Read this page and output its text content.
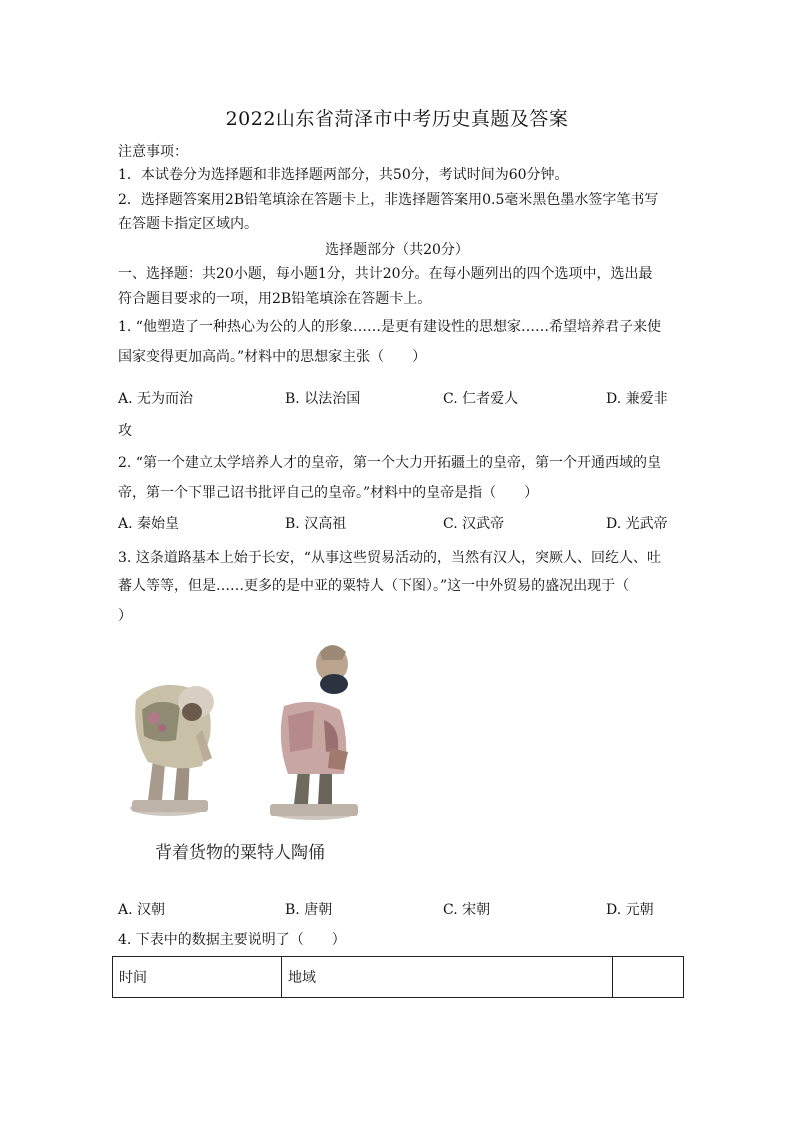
2022山东省菏泽市中考历史真题及答案
注意事项：
1．本试卷分为选择题和非选择题两部分，共50分，考试时间为60分钟。
2．选择题答案用2B铅笔填涂在答题卡上，非选择题答案用0.5毫米黑色墨水签字笔书写
在答题卡指定区域内。
选择题部分（共20分）
一、选择题：共20小题，每小题1分，共计20分。在每小题列出的四个选项中，选出最
符合题目要求的一项，用2B铅笔填涂在答题卡上。
1. “他塑造了一种热心为公的人的形象……是更有建设性的思想家……希望培养君子来使
国家变得更加高尚。”材料中的思想家主张（　　）
A. 无为而治	B. 以法治国	C. 仁者爱人	D. 兼爱非
攻
2. “第一个建立太学培养人才的皇帝，第一个大力开拓疆土的皇帝，第一个开通西域的皇
帝，第一个下罪己诏书批评自己的皇帝。”材料中的皇帝是指（　　）
A. 秦始皇	B. 汉高祖	C. 汉武帝	D. 光武帝
3. 这条道路基本上始于长安，“从事这些贸易活动的，当然有汉人，突厥人、回纥人、吐
蕃人等等，但是……更多的是中亚的粟特人（下图）。”这一中外贸易的盛况出现于（
）
背着货物的粟特人陶俑
A. 汉朝	B. 唐朝	C. 宋朝	D. 元朝
4. 下表中的数据主要说明了（　　）
时间	地域	
